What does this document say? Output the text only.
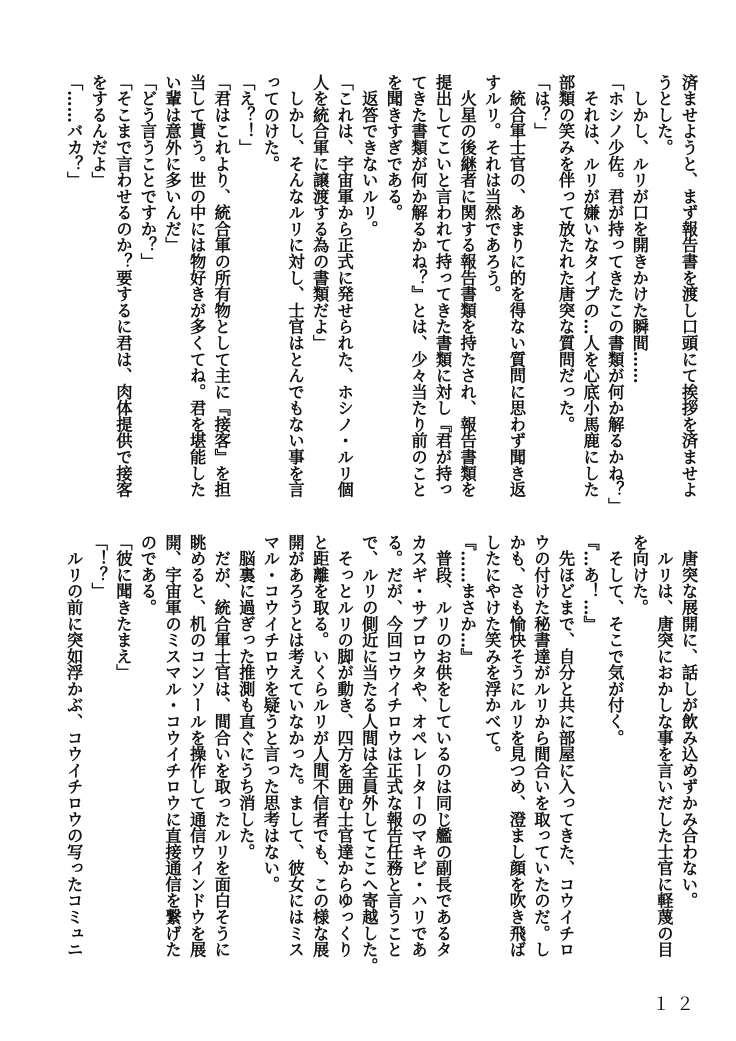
済ませようと、まず報告書を渡し口頭にて挨拶を済ませよ
うとした。
　しかし、ルリが口を開きかけた瞬間……
「ホシノ少佐。君が持ってきたこの書類が何か解るかね？」
　それは、ルリが嫌いなタイプの…人を心底小馬鹿にした
部類の笑みを伴って放たれた唐突な質問だった。
「は？」
　統合軍士官の、あまりに的を得ない質問に思わず聞き返
すルリ。それは当然であろう。
　火星の後継者に関する報告書類を持たされ、報告書類を
提出してこいと言われて持ってきた書類に対し『君が持っ
てきた書類が何か解るかね？』とは、少々当たり前のこと
を聞きすぎである。
　返答できないルリ。
「これは、宇宙軍から正式に発せられた、ホシノ・ルリ個
人を統合軍に譲渡する為の書類だよ」
　しかし、そんなルリに対し、士官はとんでもない事を言
ってのけた。
「え？！」
「君はこれより、統合軍の所有物として主に『接客』を担
当して貰う。世の中には物好きが多くてね。君を堪能した
い輩は意外に多いんだ」
「どう言うことですか？」
「そこまで言わせるのか？要するに君は、肉体提供で接客
をするんだよ」
「……バカ？」
　唐突な展開に、話しが飲み込めずかみ合わない。
　ルリは、唐突におかしな事を言いだした士官に軽蔑の目
を向けた。
　そして、そこで気が付く。
『…あ！…』
　先ほどまで、自分と共に部屋に入ってきた、コウイチロ
ウの付けた秘書達がルリから間合いを取っていたのだ。し
かも、さも愉快そうにルリを見つめ、澄まし顔を吹き飛ば
したにやけた笑みを浮かべて。
『……まさか…』
　普段、ルリのお供をしているのは同じ艦の副長であるタ
カスギ・サブロウタや、オペレーターのマキビ・ハリであ
る。だが、今回コウイチロウは正式な報告任務と言うこと
で、ルリの側近に当たる人間は全員外してここへ寄越した。
　そっとルリの脚が動き、四方を囲む士官達からゆっくり
と距離を取る。いくらルリが人間不信者でも、この様な展
開があろうとは考えていなかった。まして、彼女にはミス
マル・コウイチロウを疑うと言った思考はない。
　脳裏に過ぎった推測も直ぐにうち消した。
　だが、統合軍士官は、間合いを取ったルリを面白そうに
眺めると、机のコンソールを操作して通信ウインドウを展
開、宇宙軍のミスマル・コウイチロウに直接通信を繋げた
のである。
「彼に聞きたまえ」
「！？」
　ルリの前に突如浮かぶ、コウイチロウの写ったコミュニ
１２
